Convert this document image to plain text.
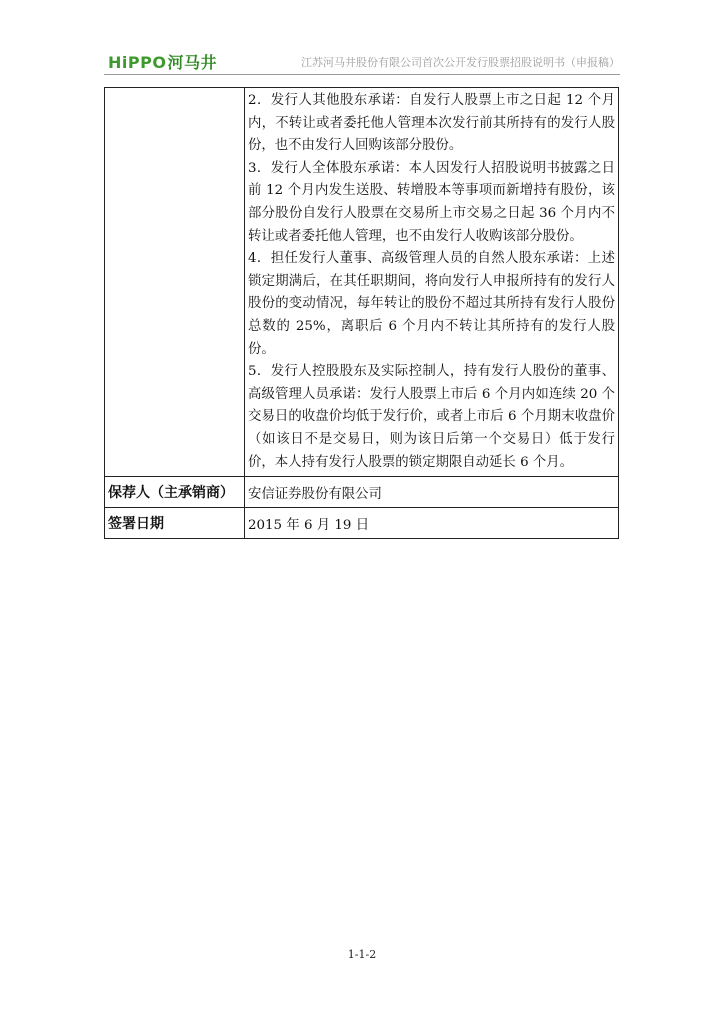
HiPPO河马井	江苏河马井股份有限公司首次公开发行股票招股说明书（申报稿）

	2．发行人其他股东承诺：自发行人股票上市之日起 12 个月内，不转让或者委托他人管理本次发行前其所持有的发行人股份，也不由发行人回购该部分股份。

3．发行人全体股东承诺：本人因发行人招股说明书披露之日前 12 个月内发生送股、转增股本等事项而新增持有股份，该部分股份自发行人股票在交易所上市交易之日起 36 个月内不转让或者委托他人管理，也不由发行人收购该部分股份。

4．担任发行人董事、高级管理人员的自然人股东承诺：上述锁定期满后，在其任职期间，将向发行人申报所持有的发行人股份的变动情况，每年转让的股份不超过其所持有发行人股份总数的 25%，离职后 6 个月内不转让其所持有的发行人股份。

5．发行人控股股东及实际控制人，持有发行人股份的董事、高级管理人员承诺：发行人股票上市后 6 个月内如连续 20 个交易日的收盘价均低于发行价，或者上市后 6 个月期末收盘价（如该日不是交易日，则为该日后第一个交易日）低于发行价，本人持有发行人股票的锁定期限自动延长 6 个月。

保荐人（主承销商）	安信证券股份有限公司
签署日期	2015 年 6 月 19 日
1-1-2
